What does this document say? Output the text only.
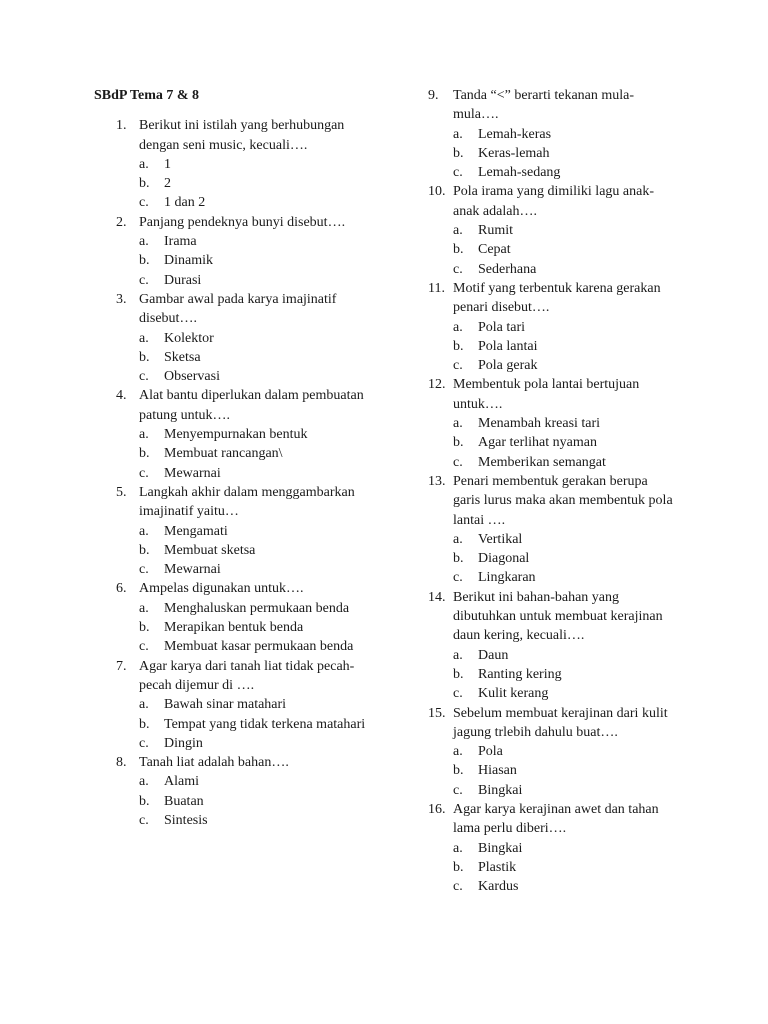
SBdP Tema 7 & 8
1. Berikut ini istilah yang berhubungan dengan seni music, kecuali….
a. 1
b. 2
c. 1 dan 2
2. Panjang pendeknya bunyi disebut….
a. Irama
b. Dinamik
c. Durasi
3. Gambar awal pada karya imajinatif disebut….
a. Kolektor
b. Sketsa
c. Observasi
4. Alat bantu diperlukan dalam pembuatan patung untuk….
a. Menyempurnakan bentuk
b. Membuat rancangan\
c. Mewarnai
5. Langkah akhir dalam menggambarkan imajinatif yaitu…
a. Mengamati
b. Membuat sketsa
c. Mewarnai
6. Ampelas digunakan untuk….
a. Menghaluskan permukaan benda
b. Merapikan bentuk benda
c. Membuat kasar permukaan benda
7. Agar karya dari tanah liat tidak pecah-pecah dijemur di ….
a. Bawah sinar matahari
b. Tempat yang tidak terkena matahari
c. Dingin
8. Tanah liat adalah bahan….
a. Alami
b. Buatan
c. Sintesis
9. Tanda “<” berarti tekanan mula-mula….
a. Lemah-keras
b. Keras-lemah
c. Lemah-sedang
10. Pola irama yang dimiliki lagu anak-anak adalah….
a. Rumit
b. Cepat
c. Sederhana
11. Motif yang terbentuk karena gerakan penari disebut….
a. Pola tari
b. Pola lantai
c. Pola gerak
12. Membentuk pola lantai bertujuan untuk….
a. Menambah kreasi tari
b. Agar terlihat nyaman
c. Memberikan semangat
13. Penari membentuk gerakan berupa garis lurus maka akan membentuk pola lantai ….
a. Vertikal
b. Diagonal
c. Lingkaran
14. Berikut ini bahan-bahan yang dibutuhkan untuk membuat kerajinan daun kering, kecuali….
a. Daun
b. Ranting kering
c. Kulit kerang
15. Sebelum membuat kerajinan dari kulit jagung trlebih dahulu buat….
a. Pola
b. Hiasan
c. Bingkai
16. Agar karya kerajinan awet dan tahan lama perlu diberi….
a. Bingkai
b. Plastik
c. Kardus
